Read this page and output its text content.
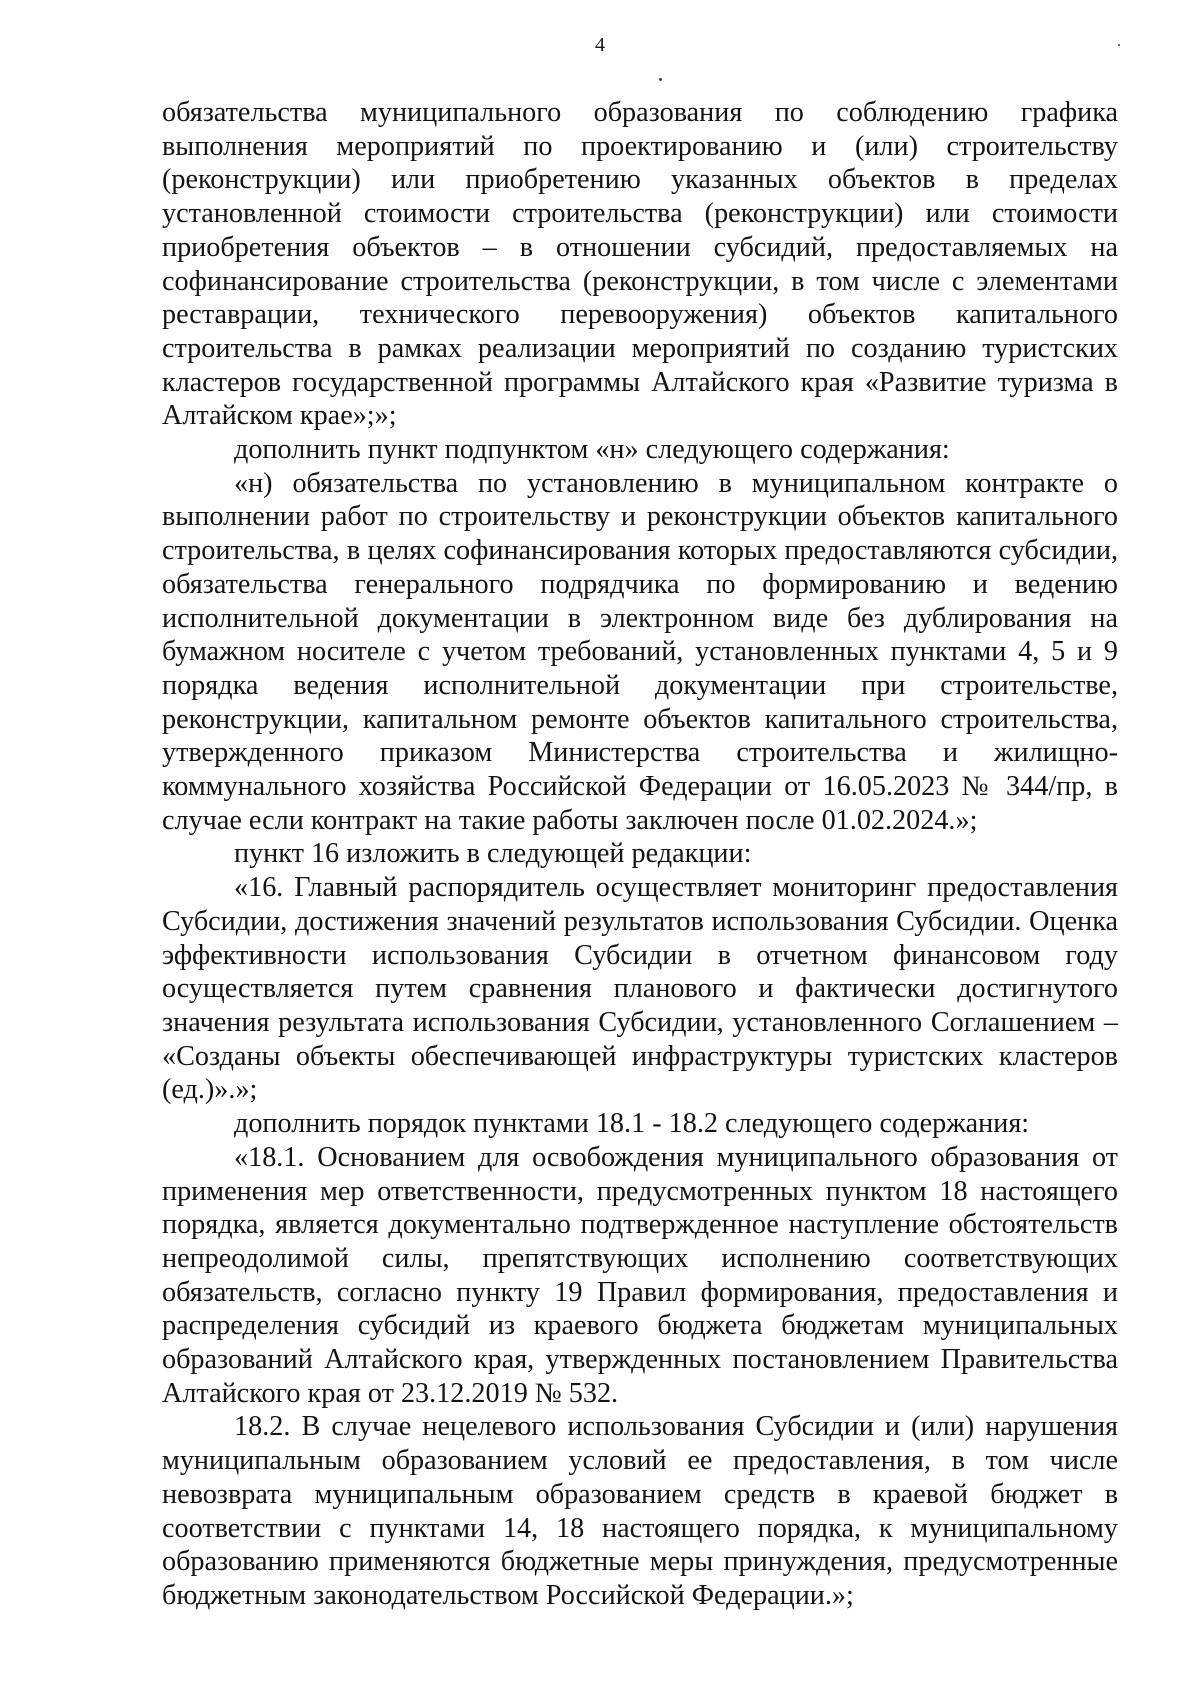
4

обязательства муниципального образования по соблюдению графика выполнения мероприятий по проектированию и (или) строительству (реконструкции) или приобретению указанных объектов в пределах установленной стоимости строительства (реконструкции) или стоимости приобретения объектов – в отношении субсидий, предоставляемых на софинансирование строительства (реконструкции, в том числе с элементами реставрации, технического перевооружения) объектов капитального строительства в рамках реализации мероприятий по созданию туристских кластеров государственной программы Алтайского края «Развитие туризма в Алтайском крае»;»;

дополнить пункт подпунктом «н» следующего содержания:

«н) обязательства по установлению в муниципальном контракте о выполнении работ по строительству и реконструкции объектов капитального строительства, в целях софинансирования которых предоставляются субсидии, обязательства генерального подрядчика по формированию и ведению исполнительной документации в электронном виде без дублирования на бумажном носителе с учетом требований, установленных пунктами 4, 5 и 9 порядка ведения исполнительной документации при строительстве, реконструкции, капитальном ремонте объектов капитального строительства, утвержденного приказом Министерства строительства и жилищно-коммунального хозяйства Российской Федерации от 16.05.2023 № 344/пр, в случае если контракт на такие работы заключен после 01.02.2024.»;

пункт 16 изложить в следующей редакции:

«16. Главный распорядитель осуществляет мониторинг предоставления Субсидии, достижения значений результатов использования Субсидии. Оценка эффективности использования Субсидии в отчетном финансовом году осуществляется путем сравнения планового и фактически достигнутого значения результата использования Субсидии, установленного Соглашением – «Созданы объекты обеспечивающей инфраструктуры туристских кластеров (ед.)».»;

дополнить порядок пунктами 18.1 - 18.2 следующего содержания:

«18.1. Основанием для освобождения муниципального образования от применения мер ответственности, предусмотренных пунктом 18 настоящего порядка, является документально подтвержденное наступление обстоятельств непреодолимой силы, препятствующих исполнению соответствующих обязательств, согласно пункту 19 Правил формирования, предоставления и распределения субсидий из краевого бюджета бюджетам муниципальных образований Алтайского края, утвержденных постановлением Правительства Алтайского края от 23.12.2019 № 532.

18.2. В случае нецелевого использования Субсидии и (или) нарушения муниципальным образованием условий ее предоставления, в том числе невозврата муниципальным образованием средств в краевой бюджет в соответствии с пунктами 14, 18 настоящего порядка, к муниципальному образованию применяются бюджетные меры принуждения, предусмотренные бюджетным законодательством Российской Федерации.»;
